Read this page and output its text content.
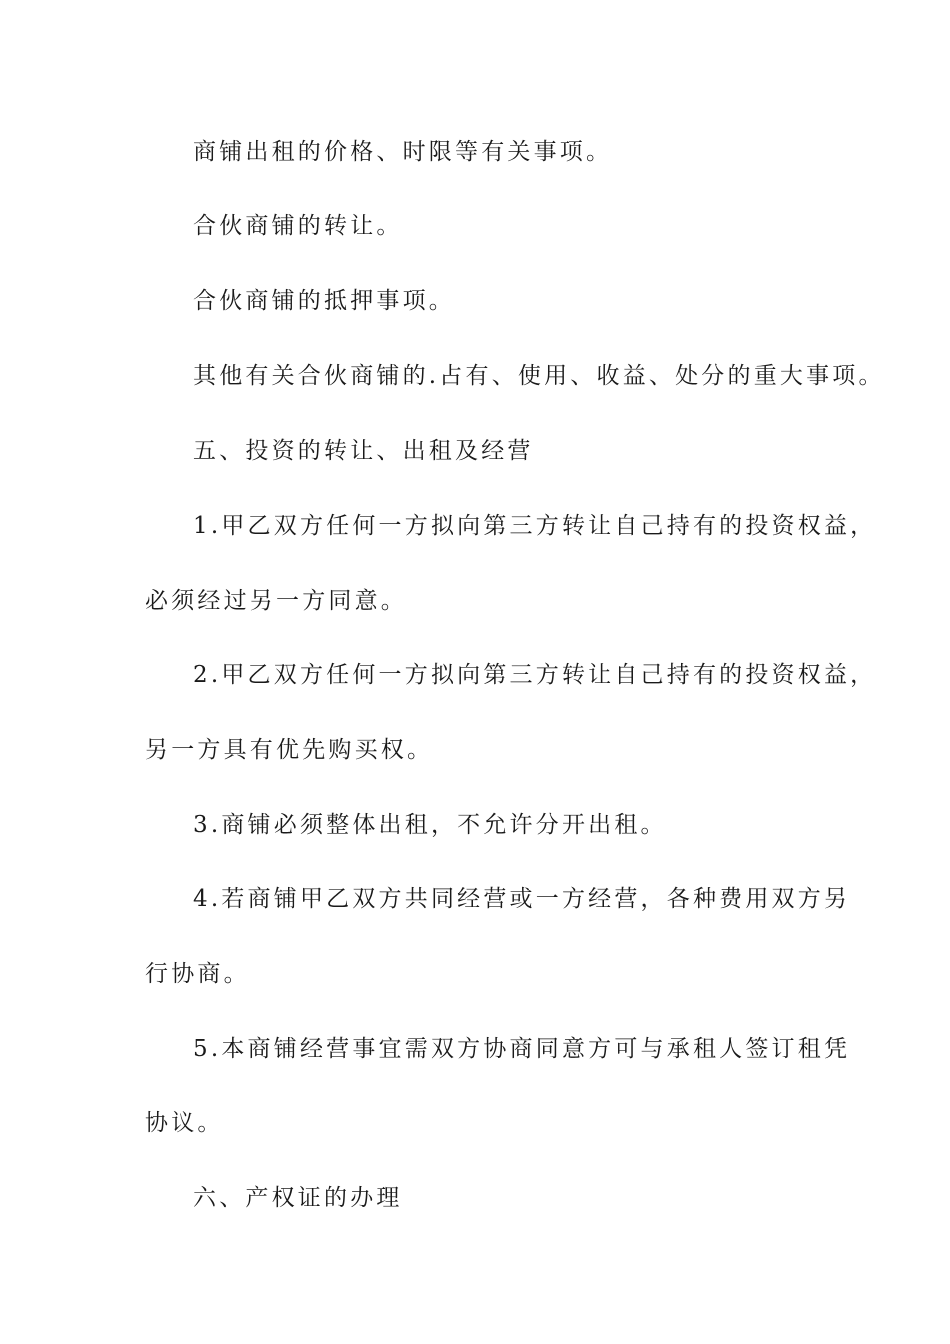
商铺出租的价格、时限等有关事项。
合伙商铺的转让。
合伙商铺的抵押事项。
其他有关合伙商铺的.占有、使用、收益、处分的重大事项。
五、投资的转让、出租及经营
1.甲乙双方任何一方拟向第三方转让自己持有的投资权益，
必须经过另一方同意。
2.甲乙双方任何一方拟向第三方转让自己持有的投资权益，
另一方具有优先购买权。
3.商铺必须整体出租，不允许分开出租。
4.若商铺甲乙双方共同经营或一方经营，各种费用双方另
行协商。
5.本商铺经营事宜需双方协商同意方可与承租人签订租凭
协议。
六、产权证的办理
